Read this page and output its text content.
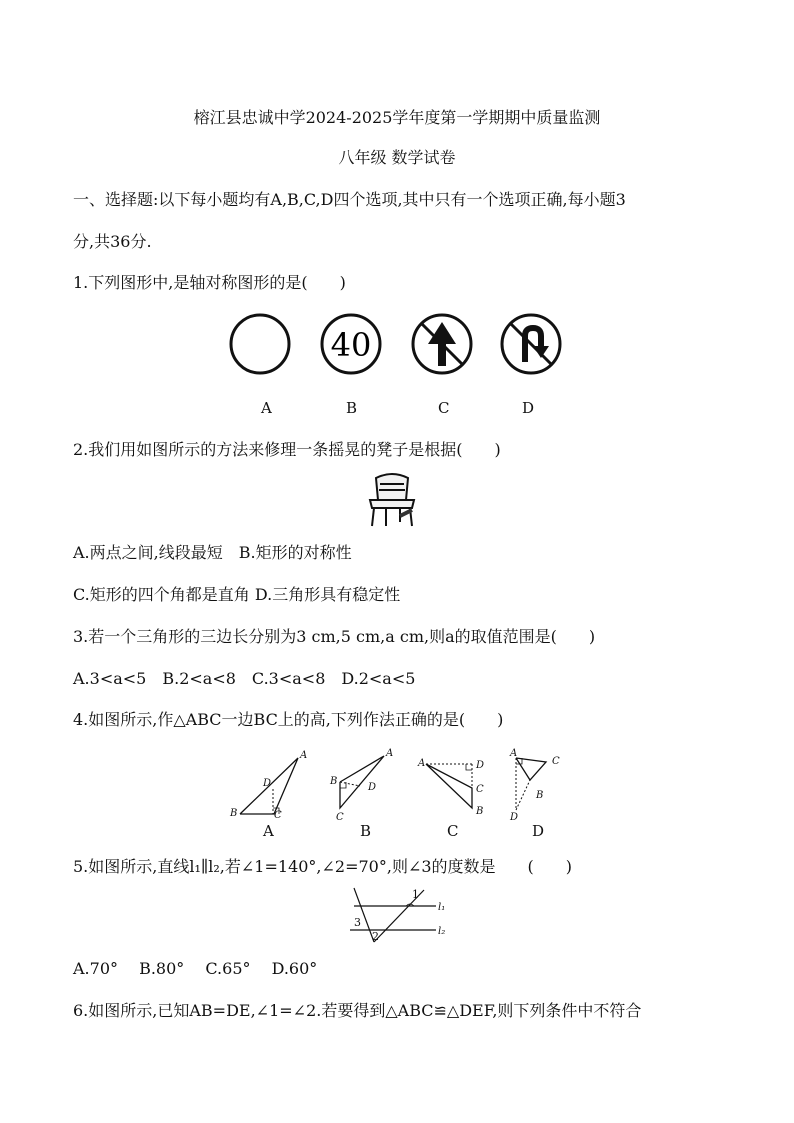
榕江县忠诚中学2024-2025学年度第一学期期中质量监测
八年级 数学试卷
一、选择题:以下每小题均有A,B,C,D四个选项,其中只有一个选项正确,每小题3
分,共36分.
1.下列图形中,是轴对称图形的是(　　)
40
A	B	C	D
2.我们用如图所示的方法来修理一条摇晃的凳子是根据(　　)
A.两点之间,线段最短　B.矩形的对称性
C.矩形的四个角都是直角 D.三角形具有稳定性
3.若一个三角形的三边长分别为3 cm,5 cm,a cm,则a的取值范围是(　　)
A.3<a<5　B.2<a<8　C.3<a<8　D.2<a<5
4.如图所示,作△ABC一边BC上的高,下列作法正确的是(　　)
A
B	C
D
A
B
C
D
A
B
C
D
A
B
C
D
A	B	C	D
5.如图所示,直线l₁∥l₂,若∠1=140°,∠2=70°,则∠3的度数是　　(　　)
1
2
3
l₁
l₂
A.70°　 B.80°　 C.65°　 D.60°
6.如图所示,已知AB=DE,∠1=∠2.若要得到△ABC≌△DEF,则下列条件中不符合
